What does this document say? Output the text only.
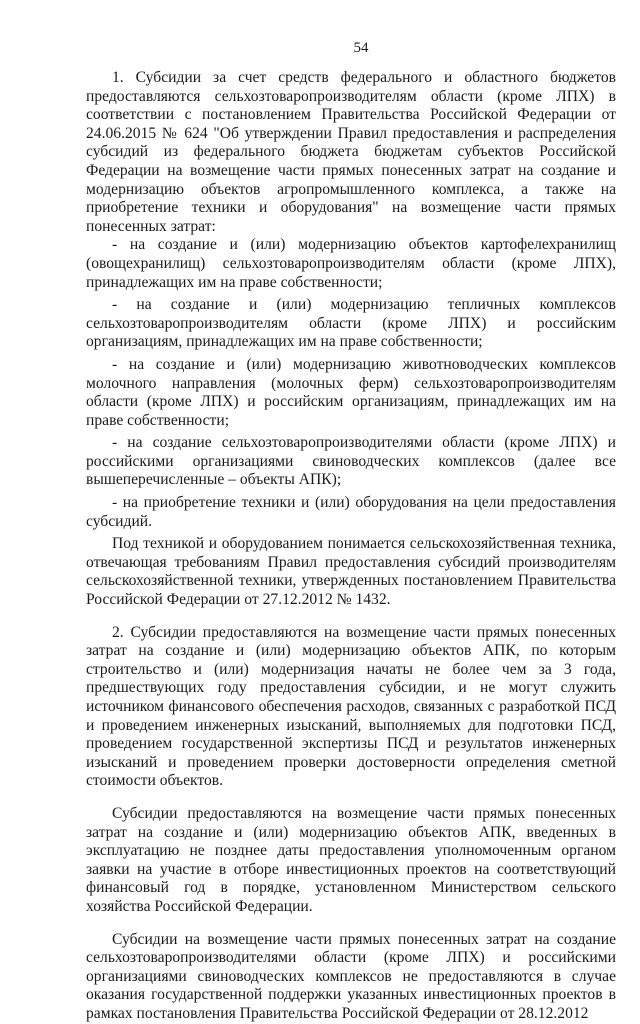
54

1. Субсидии за счет средств федерального и областного бюджетов предоставляются сельхозтоваропроизводителям области (кроме ЛПХ) в соответствии с постановлением Правительства Российской Федерации от 24.06.2015 № 624 "Об утверждении Правил предоставления и распределения субсидий из федерального бюджета бюджетам субъектов Российской Федерации на возмещение части прямых понесенных затрат на создание и модернизацию объектов агропромышленного комплекса, а также на приобретение техники и оборудования" на возмещение части прямых понесенных затрат:

- на создание и (или) модернизацию объектов картофелехранилищ (овощехранилищ) сельхозтоваропроизводителям области (кроме ЛПХ), принадлежащих им на праве собственности;

- на создание и (или) модернизацию тепличных комплексов сельхозтоваропроизводителям области (кроме ЛПХ) и российским организациям, принадлежащих им на праве собственности;

- на создание и (или) модернизацию животноводческих комплексов молочного направления (молочных ферм) сельхозтоваропроизводителям области (кроме ЛПХ) и российским организациям, принадлежащих им на праве собственности;

- на создание сельхозтоваропроизводителями области (кроме ЛПХ) и российскими организациями свиноводческих комплексов (далее все вышеперечисленные – объекты АПК);

- на приобретение техники и (или) оборудования на цели предоставления субсидий.

Под техникой и оборудованием понимается сельскохозяйственная техника, отвечающая требованиям Правил предоставления субсидий производителям сельскохозяйственной техники, утвержденных постановлением Правительства Российской Федерации от 27.12.2012 № 1432.

2. Субсидии предоставляются на возмещение части прямых понесенных затрат на создание и (или) модернизацию объектов АПК, по которым строительство и (или) модернизация начаты не более чем за 3 года, предшествующих году предоставления субсидии, и не могут служить источником финансового обеспечения расходов, связанных с разработкой ПСД и проведением инженерных изысканий, выполняемых для подготовки ПСД, проведением государственной экспертизы ПСД и результатов инженерных изысканий и проведением проверки достоверности определения сметной стоимости объектов.

Субсидии предоставляются на возмещение части прямых понесенных затрат на создание и (или) модернизацию объектов АПК, введенных в эксплуатацию не позднее даты предоставления уполномоченным органом заявки на участие в отборе инвестиционных проектов на соответствующий финансовый год в порядке, установленном Министерством сельского хозяйства Российской Федерации.

Субсидии на возмещение части прямых понесенных затрат на создание сельхозтоваропроизводителями области (кроме ЛПХ) и российскими организациями свиноводческих комплексов не предоставляются в случае оказания государственной поддержки указанных инвестиционных проектов в рамках постановления Правительства Российской Федерации от 28.12.2012
